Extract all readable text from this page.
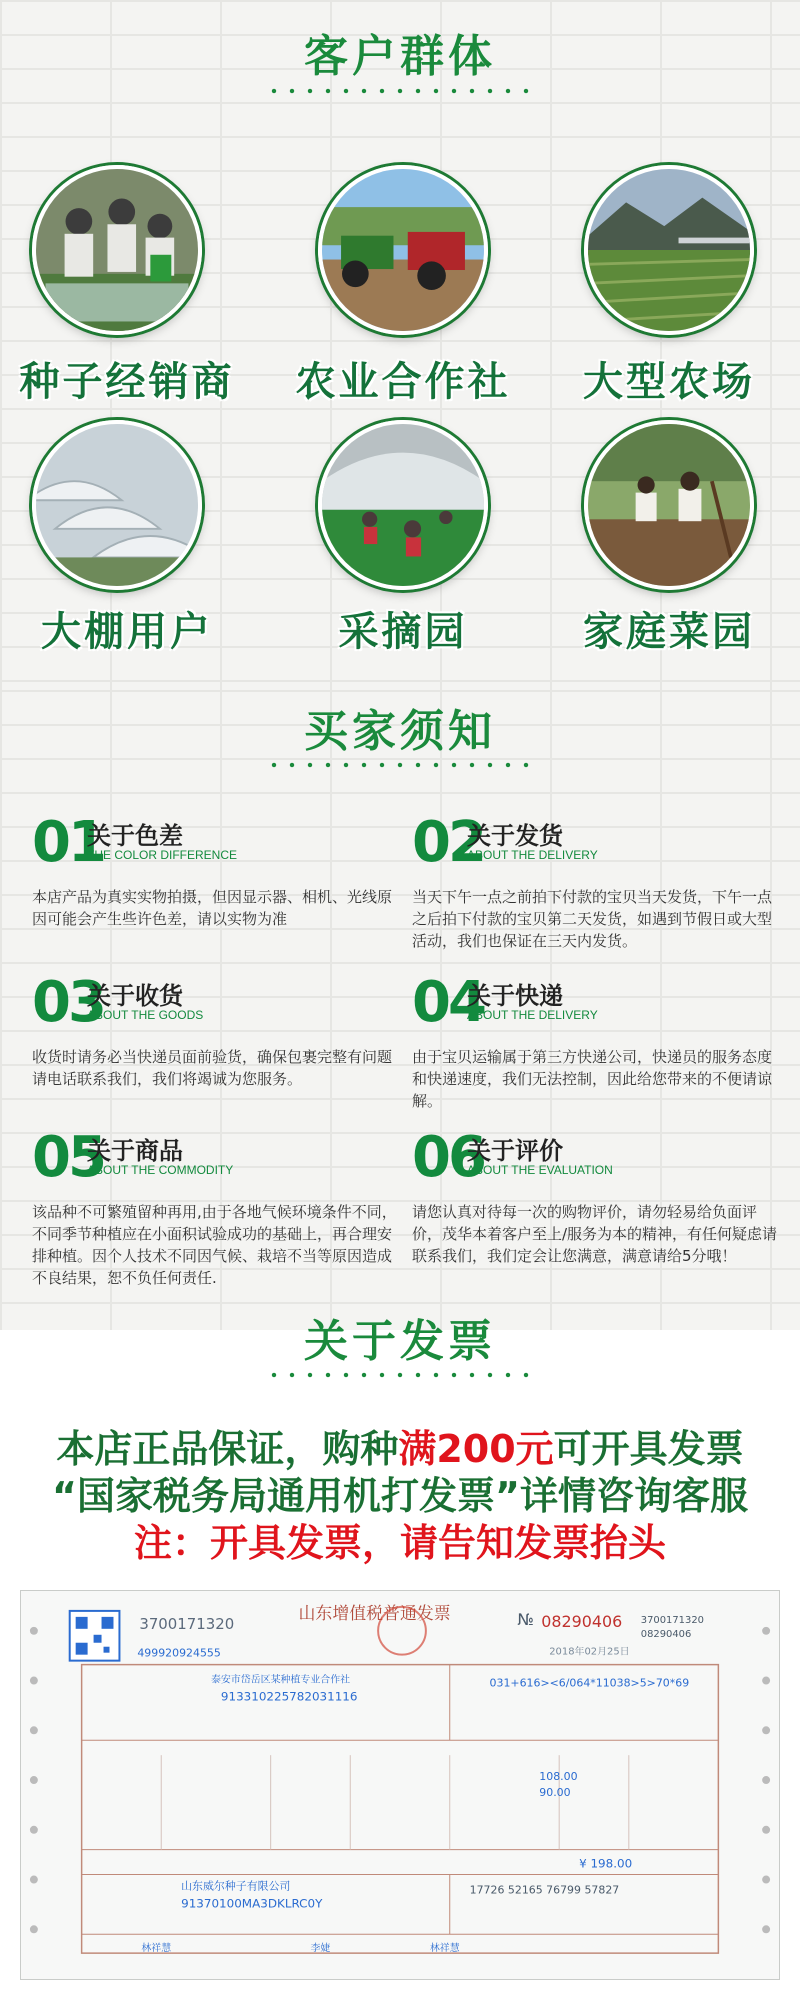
客户群体
种子经销商	农业合作社	大型农场
大棚用户	采摘园	家庭菜园
买家须知
01
关于色差
THE COLOR DIFFERENCE
本店产品为真实实物拍摄，但因显示器、相机、光线原因可能会产生些许色差，请以实物为准
02
关于发货
ABOUT THE DELIVERY
当天下午一点之前拍下付款的宝贝当天发货，下午一点之后拍下付款的宝贝第二天发货，如遇到节假日或大型活动，我们也保证在三天内发货。
03
关于收货
ABOUT THE GOODS
收货时请务必当快递员面前验货，确保包裹完整有问题请电话联系我们，我们将竭诚为您服务。
04
关于快递
ABOUT THE DELIVERY
由于宝贝运输属于第三方快递公司，快递员的服务态度和快递速度，我们无法控制，因此给您带来的不便请谅解。
05
关于商品
ABOUT THE COMMODITY
该品种不可繁殖留种再用,由于各地气候环境条件不同，不同季节种植应在小面积试验成功的基础上，再合理安排种植。因个人技术不同因气候、栽培不当等原因造成不良结果，恕不负任何责任.
06
关于评价
ABOUT THE EVALUATION
请您认真对待每一次的购物评价，请勿轻易给负面评价，茂华本着客户至上/服务为本的精神，有任何疑虑请联系我们，我们定会让您满意，满意请给5分哦！
关于发票
本店正品保证，购种满200元可开具发票
“国家税务局通用机打发票”详情咨询客服
注：开具发票，请告知发票抬头
3700171320
499920924555
山东增值税普通发票	№ 08290406 3700171320
08290406
2018年02月25日
泰安市岱岳区某种植专业合作社
913310225782031116
031+616><6/064*11038>5>70*69
108.00
90.00
¥ 198.00
山东威尔种子有限公司
91370100MA3DKLRC0Y
17726 52165 76799 57827
林祥慧	李婕	林祥慧
